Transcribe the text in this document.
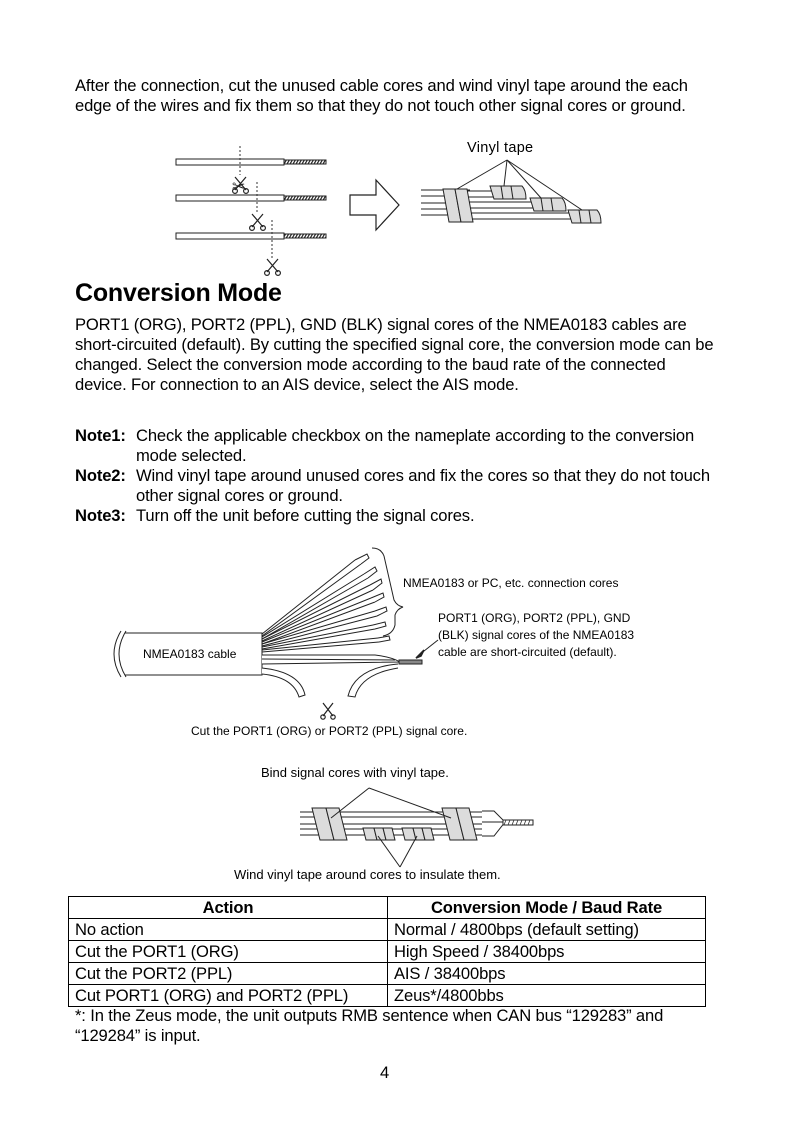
After the connection, cut the unused cable cores and wind vinyl tape around the each edge of the wires and fix them so that they do not touch other signal cores or ground.
✂
Vinyl tape
Conversion Mode
PORT1 (ORG), PORT2 (PPL), GND (BLK) signal cores of the NMEA0183 cables are short-circuited (default). By cutting the specified signal core, the conversion mode can be changed. Select the conversion mode according to the baud rate of the connected device. For connection to an AIS device, select the AIS mode.
Note1: Check the applicable checkbox on the nameplate according to the conversion mode selected.
Note2: Wind vinyl tape around unused cores and fix the cores so that they do not touch other signal cores or ground.
Note3: Turn off the unit before cutting the signal cores.
NMEA0183 cable
NMEA0183 or PC, etc. connection cores
PORT1 (ORG), PORT2 (PPL), GND
(BLK) signal cores of the NMEA0183
cable are short-circuited (default).
Cut the PORT1 (ORG) or PORT2 (PPL) signal core.
Bind signal cores with vinyl tape.
Wind vinyl tape around cores to insulate them.
Action	Conversion Mode / Baud Rate
No action	Normal / 4800bps (default setting)
Cut the PORT1 (ORG)	High Speed / 38400bps
Cut the PORT2 (PPL)	AIS / 38400bps
Cut PORT1 (ORG) and PORT2 (PPL)	Zeus*/4800bbs
*: In the Zeus mode, the unit outputs RMB sentence when CAN bus “129283” and “129284” is input.
4
